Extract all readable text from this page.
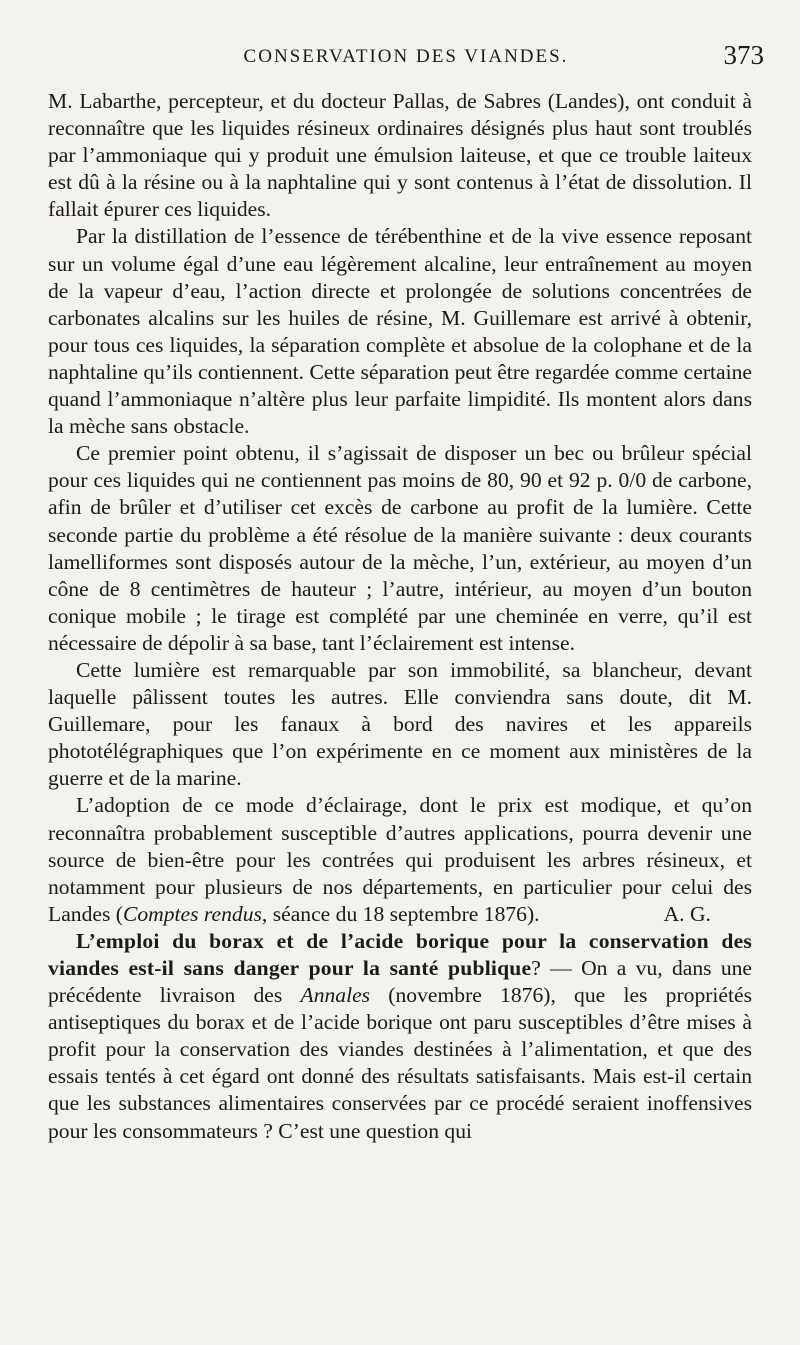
CONSERVATION DES VIANDES.	373

M. Labarthe, percepteur, et du docteur Pallas, de Sabres (Landes), ont conduit à reconnaître que les liquides résineux ordinaires désignés plus haut sont troublés par l’ammoniaque qui y produit une émulsion laiteuse, et que ce trouble laiteux est dû à la résine ou à la naphtaline qui y sont contenus à l’état de dissolution. Il fallait épurer ces liquides.

Par la distillation de l’essence de térébenthine et de la vive essence reposant sur un volume égal d’une eau légèrement alcaline, leur entraînement au moyen de la vapeur d’eau, l’action directe et prolongée de solutions concentrées de carbonates alcalins sur les huiles de résine, M. Guillemare est arrivé à obtenir, pour tous ces liquides, la séparation complète et absolue de la colophane et de la naphtaline qu’ils contiennent. Cette séparation peut être regardée comme certaine quand l’ammoniaque n’altère plus leur parfaite limpidité. Ils montent alors dans la mèche sans obstacle.

Ce premier point obtenu, il s’agissait de disposer un bec ou brûleur spécial pour ces liquides qui ne contiennent pas moins de 80, 90 et 92 p. 0/0 de carbone, afin de brûler et d’utiliser cet excès de carbone au profit de la lumière. Cette seconde partie du problème a été résolue de la manière suivante : deux courants lamelliformes sont disposés autour de la mèche, l’un, extérieur, au moyen d’un cône de 8 centimètres de hauteur ; l’autre, intérieur, au moyen d’un bouton conique mobile ; le tirage est complété par une cheminée en verre, qu’il est nécessaire de dépolir à sa base, tant l’éclairement est intense.

Cette lumière est remarquable par son immobilité, sa blancheur, devant laquelle pâlissent toutes les autres. Elle conviendra sans doute, dit M. Guillemare, pour les fanaux à bord des navires et les appareils phototélégraphiques que l’on expérimente en ce moment aux ministères de la guerre et de la marine.

L’adoption de ce mode d’éclairage, dont le prix est modique, et qu’on reconnaîtra probablement susceptible d’autres applications, pourra devenir une source de bien-être pour les contrées qui produisent les arbres résineux, et notamment pour plusieurs de nos départements, en particulier pour celui des Landes (Comptes rendus, séance du 18 septembre 1876).	A. G.

L’emploi du borax et de l’acide borique pour la conservation des viandes est-il sans danger pour la santé publique? — On a vu, dans une précédente livraison des Annales (novembre 1876), que les propriétés antiseptiques du borax et de l’acide borique ont paru susceptibles d’être mises à profit pour la conservation des viandes destinées à l’alimentation, et que des essais tentés à cet égard ont donné des résultats satisfaisants. Mais est-il certain que les substances alimentaires conservées par ce procédé seraient inoffensives pour les consommateurs ? C’est une question qui
